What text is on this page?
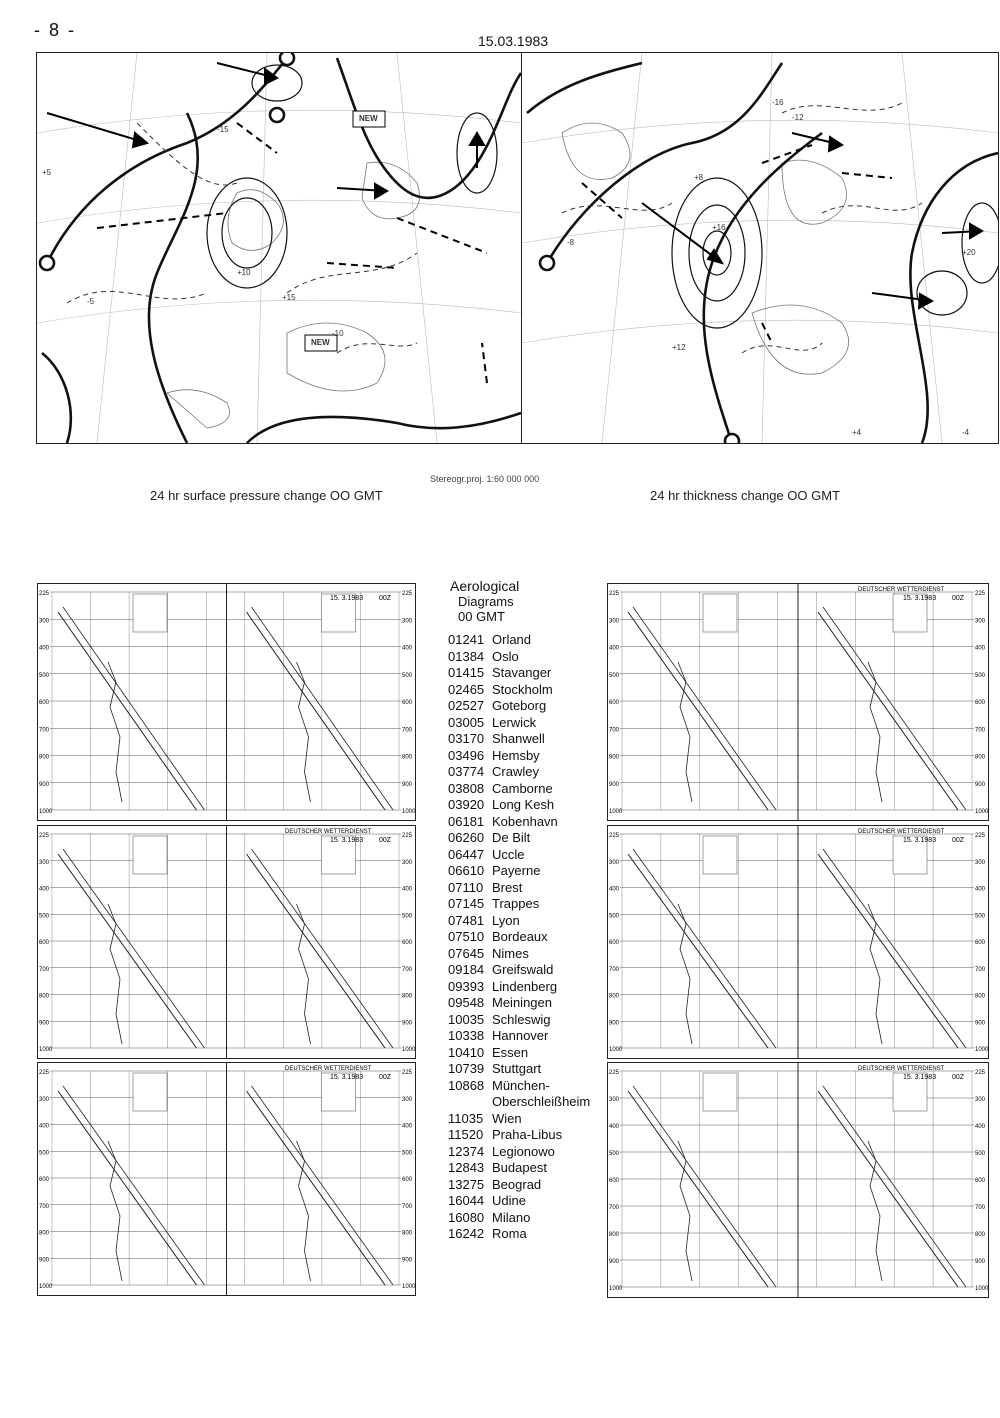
- 8 -
15.03.1983
+15
+10
+5
-5
-10
-15
NEW
NEW
+8
+12
+16
-8
-12
-16
+4	-4
+20
Stereogr.proj. 1:60 000 000
24 hr surface pressure change OO GMT	24 hr thickness change OO GMT
225	225
300	300
400	400
500	500
600	600
700	700
800	800
900	900
1000	1000
15. 3.1983 00Z
225	225
300	300
400	400
500	500
600	600
700	700
800	800
900	900
1000	1000
DEUTSCHER WETTERDIENST
15. 3.1983 00Z
225	225
300	300
400	400
500	500
600	600
700	700
800	800
900	900
1000	1000
DEUTSCHER WETTERDIENST
15. 3.1983 00Z
225	225
300	300
400	400
500	500
600	600
700	700
800	800
900	900
1000	1000
DEUTSCHER WETTERDIENST
15. 3.1983 00Z
225	225
300	300
400	400
500	500
600	600
700	700
800	800
900	900
1000	1000
DEUTSCHER WETTERDIENST
15. 3.1983 00Z
225	225
300	300
400	400
500	500
600	600
700	700
800	800
900	900
1000	1000
DEUTSCHER WETTERDIENST
15. 3.1983 00Z
Aerological
Diagrams
00 GMT
01241 Orland
01384 Oslo
01415 Stavanger
02465 Stockholm
02527 Goteborg
03005 Lerwick
03170 Shanwell
03496 Hemsby
03774 Crawley
03808 Camborne
03920 Long Kesh
06181 Kobenhavn
06260 De Bilt
06447 Uccle
06610 Payerne
07110 Brest
07145 Trappes
07481 Lyon
07510 Bordeaux
07645 Nimes
09184 Greifswald
09393 Lindenberg
09548 Meiningen
10035 Schleswig
10338 Hannover
10410 Essen
10739 Stuttgart
10868 München-
Oberschleißheim
11035 Wien
11520 Praha-Libus
12374 Legionowo
12843 Budapest
13275 Beograd
16044 Udine
16080 Milano
16242 Roma
